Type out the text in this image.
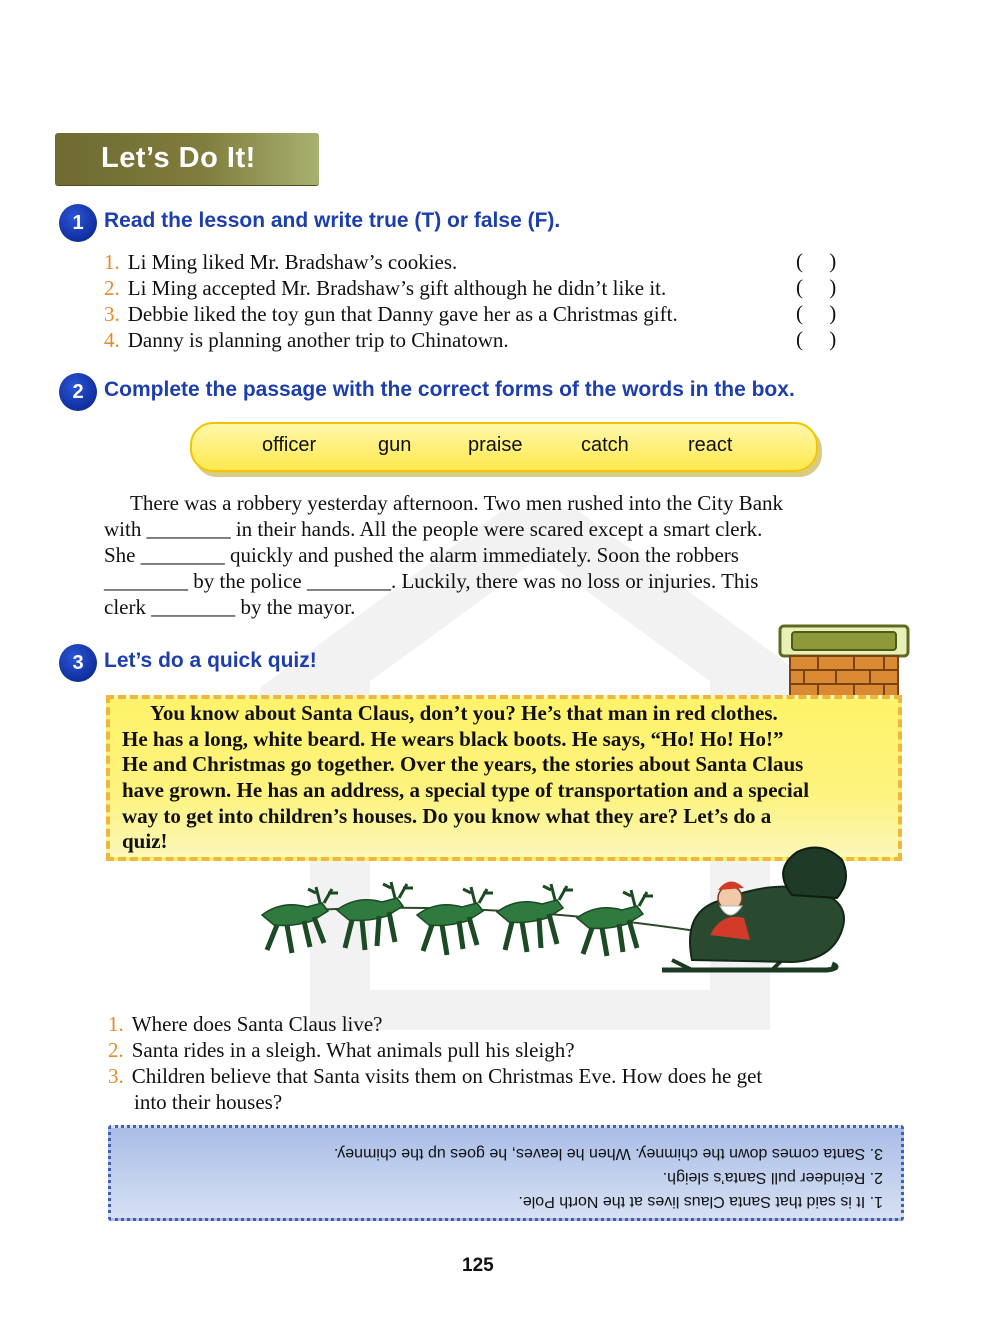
Let’s Do It!
1 Read the lesson and write true (T) or false (F).
1. Li Ming liked Mr. Bradshaw’s cookies.	(     )
2. Li Ming accepted Mr. Bradshaw’s gift although he didn’t like it.	(     )
3. Debbie liked the toy gun that Danny gave her as a Christmas gift.	(     )
4. Danny is planning another trip to Chinatown.	(     )
2 Complete the passage with the correct forms of the words in the box.
officer	gun	praise	catch	react
There was a robbery yesterday afternoon. Two men rushed into the City Bank
with ________ in their hands. All the people were scared except a smart clerk.
She ________ quickly and pushed the alarm immediately. Soon the robbers
________ by the police ________. Luckily, there was no loss or injuries. This
clerk ________ by the mayor.
3 Let’s do a quick quiz!
You know about Santa Claus, don’t you? He’s that man in red clothes.
He has a long, white beard. He wears black boots. He says, “Ho! Ho! Ho!”
He and Christmas go together. Over the years, the stories about Santa Claus
have grown. He has an address, a special type of transportation and a special
way to get into children’s houses. Do you know what they are? Let’s do a
quiz!
1. Where does Santa Claus live?
2. Santa rides in a sleigh. What animals pull his sleigh?
3. Children believe that Santa visits them on Christmas Eve. How does he get
into their houses?
1. It is said that Santa Claus lives at the North Pole.
2. Reindeer pull Santa’s sleigh.
3. Santa comes down the chimney. When he leaves, he goes up the chimney.
125
